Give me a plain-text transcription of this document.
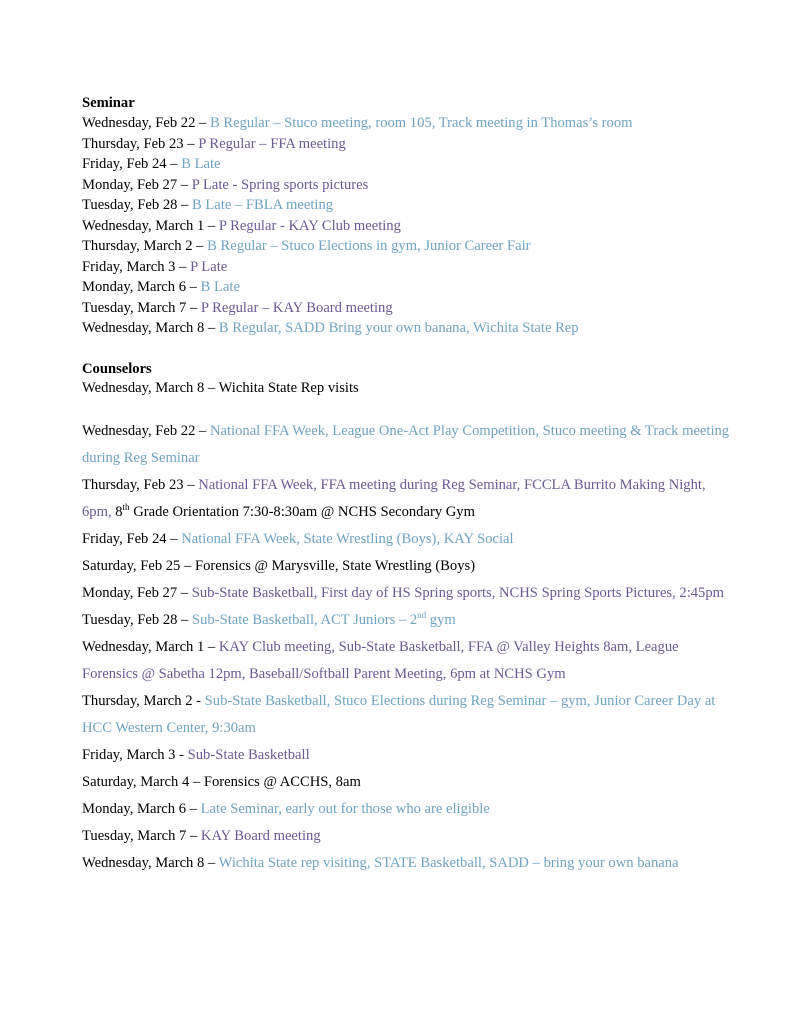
Seminar
Wednesday, Feb 22 – B Regular – Stuco meeting, room 105, Track meeting in Thomas’s room
Thursday, Feb 23 – P Regular – FFA meeting
Friday, Feb 24 – B Late
Monday, Feb 27 – P Late - Spring sports pictures
Tuesday, Feb 28 – B Late – FBLA meeting
Wednesday, March 1 – P Regular - KAY Club meeting
Thursday, March 2 – B Regular – Stuco Elections in gym, Junior Career Fair
Friday, March 3 – P Late
Monday, March 6 – B Late
Tuesday, March 7 – P Regular – KAY Board meeting
Wednesday, March 8 – B Regular, SADD Bring your own banana, Wichita State Rep
Counselors
Wednesday, March 8 – Wichita State Rep visits
Wednesday, Feb 22 – National FFA Week, League One-Act Play Competition, Stuco meeting & Track meeting during Reg Seminar
Thursday, Feb 23 – National FFA Week, FFA meeting during Reg Seminar, FCCLA Burrito Making Night, 6pm, 8th Grade Orientation 7:30-8:30am @ NCHS Secondary Gym
Friday, Feb 24 – National FFA Week, State Wrestling (Boys), KAY Social
Saturday, Feb 25 – Forensics @ Marysville, State Wrestling (Boys)
Monday, Feb 27 – Sub-State Basketball, First day of HS Spring sports, NCHS Spring Sports Pictures, 2:45pm
Tuesday, Feb 28 – Sub-State Basketball, ACT Juniors – 2nd gym
Wednesday, March 1 – KAY Club meeting, Sub-State Basketball, FFA @ Valley Heights 8am, League Forensics @ Sabetha 12pm, Baseball/Softball Parent Meeting, 6pm at NCHS Gym
Thursday, March 2 - Sub-State Basketball, Stuco Elections during Reg Seminar – gym, Junior Career Day at HCC Western Center, 9:30am
Friday, March 3 - Sub-State Basketball
Saturday, March 4 – Forensics @ ACCHS, 8am
Monday, March 6 – Late Seminar, early out for those who are eligible
Tuesday, March 7 – KAY Board meeting
Wednesday, March 8 – Wichita State rep visiting, STATE Basketball, SADD – bring your own banana
